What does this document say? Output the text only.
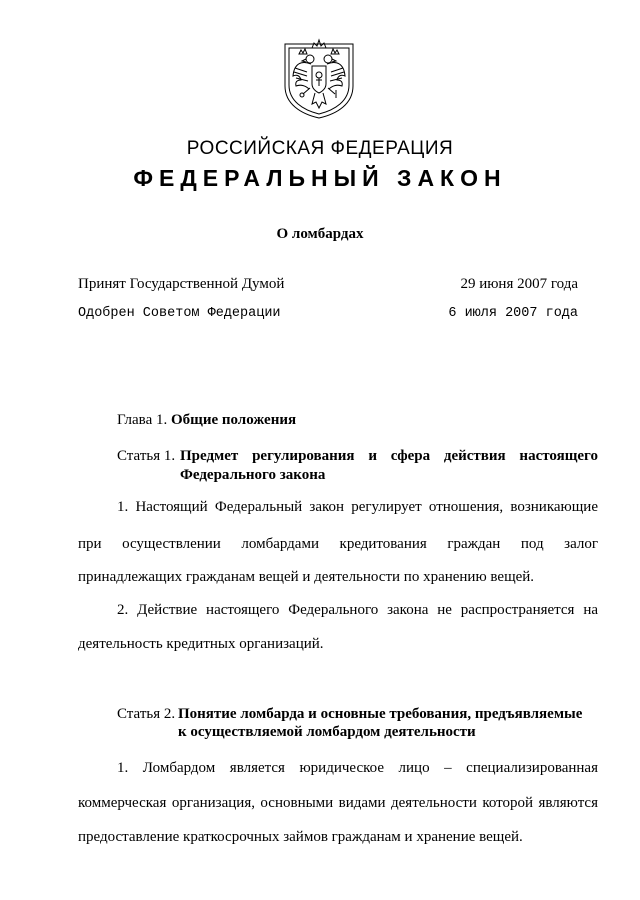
РОССИЙСКАЯ ФЕДЕРАЦИЯ
ФЕДЕРАЛЬНЫЙ ЗАКОН
О ломбардах
Принят Государственной Думой	29 июня 2007 года
Одобрен Советом Федерации	6 июля 2007 года
Глава 1. Общие положения
Статья 1. Предмет регулирования и сфера действия настоящего
Федерального закона
1. Настоящий Федеральный закон регулирует отношения, возникающие
при осуществлении ломбардами кредитования граждан под залог
принадлежащих гражданам вещей и деятельности по хранению вещей.
2. Действие настоящего Федерального закона не распространяется на
деятельность кредитных организаций.
Статья 2. Понятие ломбарда и основные требования, предъявляемые
к осуществляемой ломбардом деятельности
1. Ломбардом является юридическое лицо – специализированная
коммерческая организация, основными видами деятельности которой являются
предоставление краткосрочных займов гражданам и хранение вещей.
